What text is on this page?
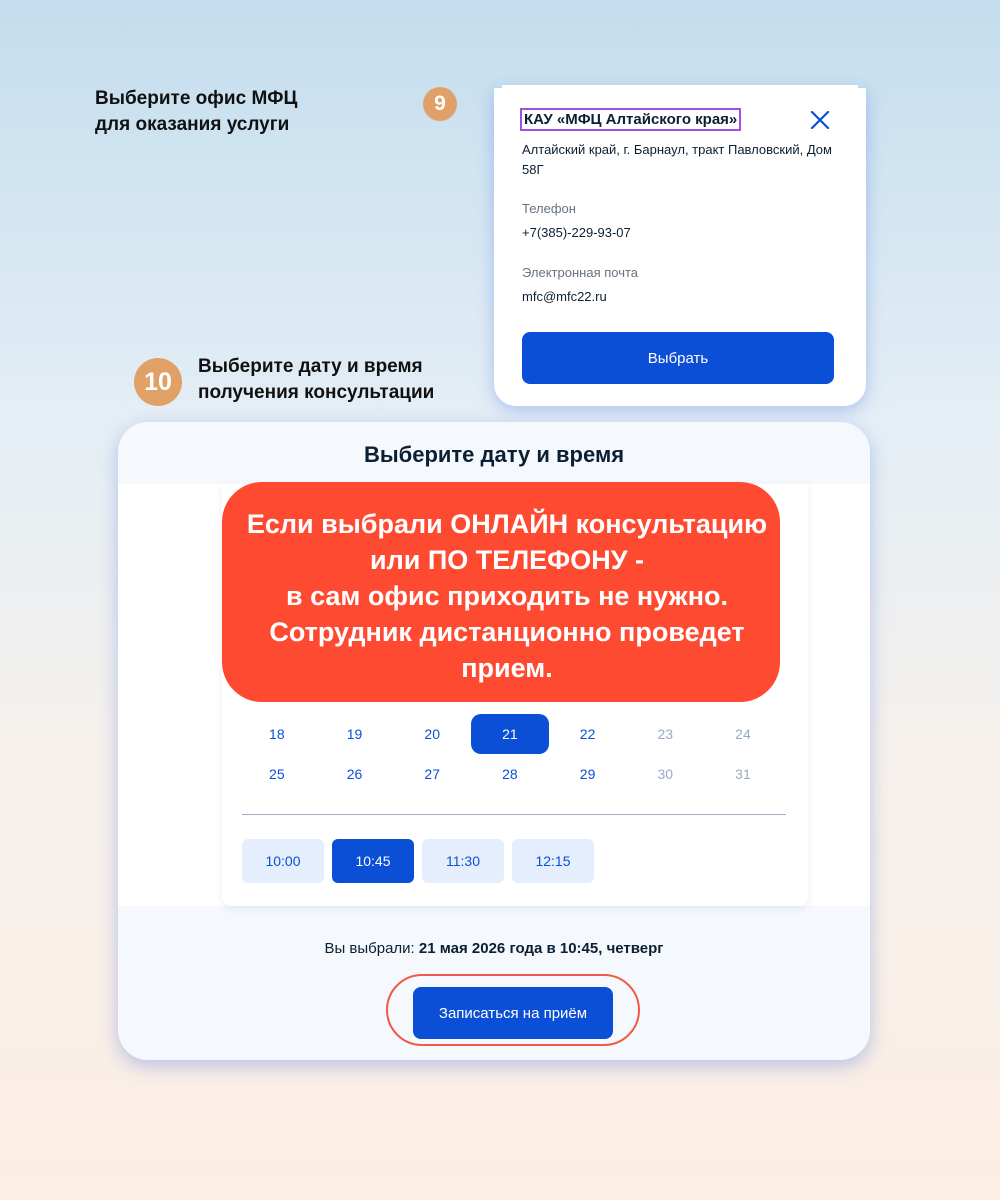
Выберите офис МФЦ
для оказания услуги
9
КАУ «МФЦ Алтайского края»
Алтайский край, г. Барнаул, тракт Павловский, Дом 58Г
Телефон
+7(385)-229-93-07
Электронная почта
mfc@mfc22.ru
Выбрать
10
Выберите дату и время
получения консультации
Выберите дату и время
18	19	20	21	22	23	24
25	26	27	28	29	30	31
10:00	10:45	11:30	12:15
Вы выбрали: 21 мая 2026 года в 10:45, четверг
Записаться на приём
Если выбрали ОНЛАЙН консультацию
или ПО ТЕЛЕФОНУ -
в сам офис приходить не нужно.
Сотрудник дистанционно проведет
прием.
